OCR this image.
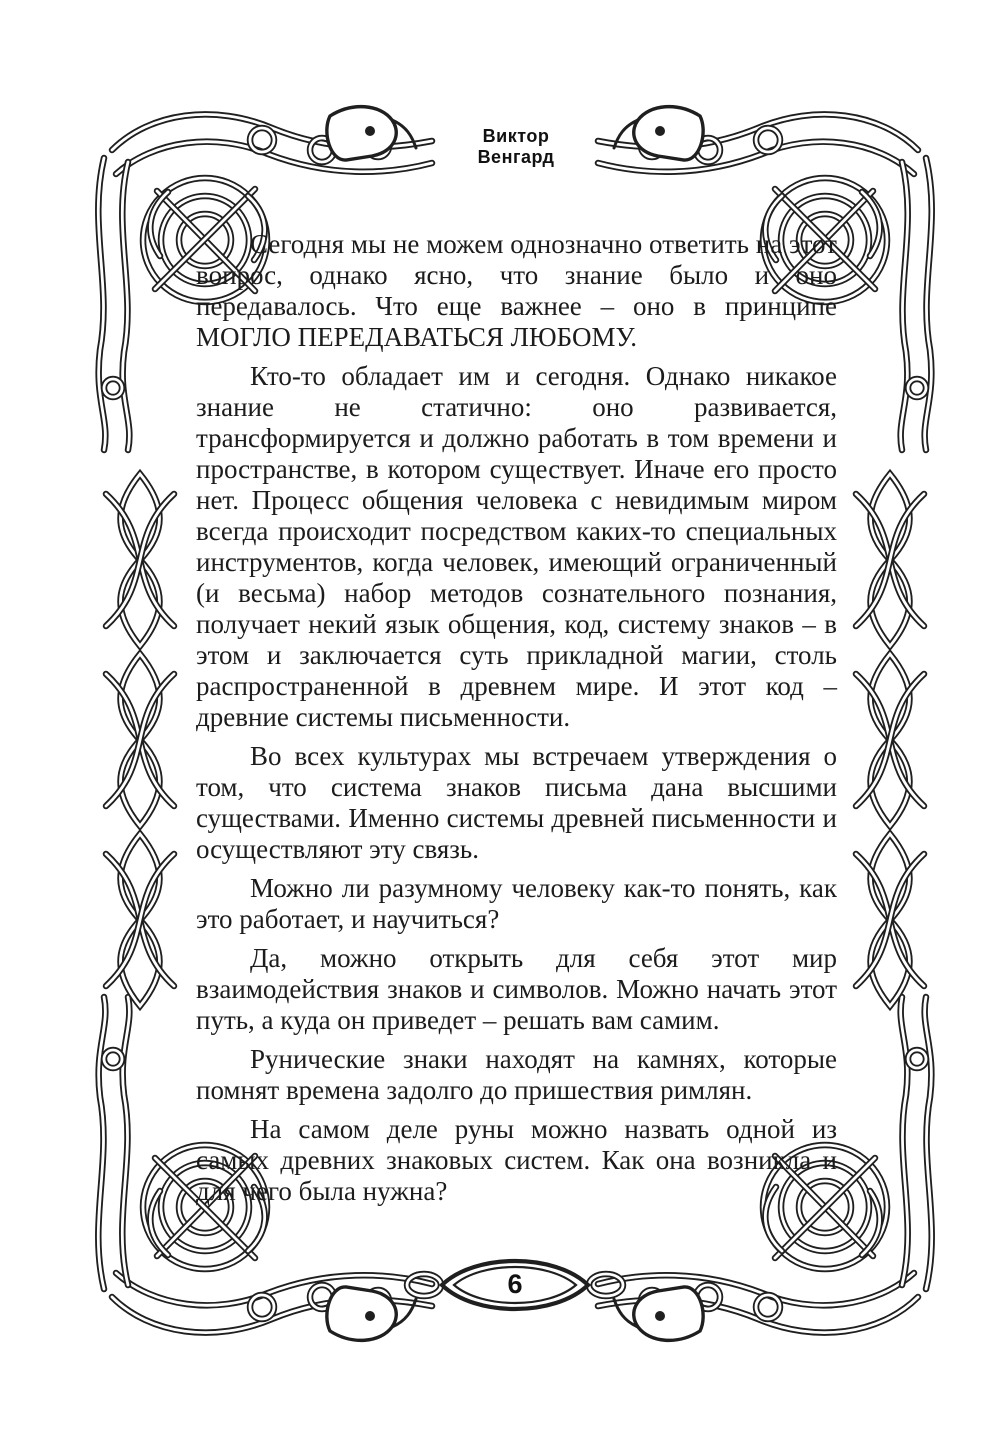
Виктор
Венгард

Сегодня мы не можем однозначно ответить на этот вопрос, однако ясно, что знание было и оно передавалось. Что еще важнее – оно в принципе МОГЛО ПЕРЕДАВАТЬСЯ ЛЮБОМУ.

Кто-то обладает им и сегодня. Однако никакое знание не статично: оно развивается, трансформируется и должно работать в том времени и пространстве, в котором существует. Иначе его просто нет. Процесс общения человека с невидимым миром всегда происходит посредством каких-то специальных инструментов, когда человек, имеющий ограниченный (и весьма) набор методов сознательного познания, получает некий язык общения, код, систему знаков – в этом и заключается суть прикладной магии, столь распространенной в древнем мире. И этот код – древние системы письменности.

Во всех культурах мы встречаем утверждения о том, что система знаков письма дана высшими существами. Именно системы древней письменности и осуществляют эту связь.

Можно ли разумному человеку как-то понять, как это работает, и научиться?

Да, можно открыть для себя этот мир взаимодействия знаков и символов. Можно начать этот путь, а куда он приведет – решать вам самим.

Рунические знаки находят на камнях, которые помнят времена задолго до пришествия римлян.

На самом деле руны можно назвать одной из самых древних знаковых систем. Как она возникла и для чего была нужна?

6
